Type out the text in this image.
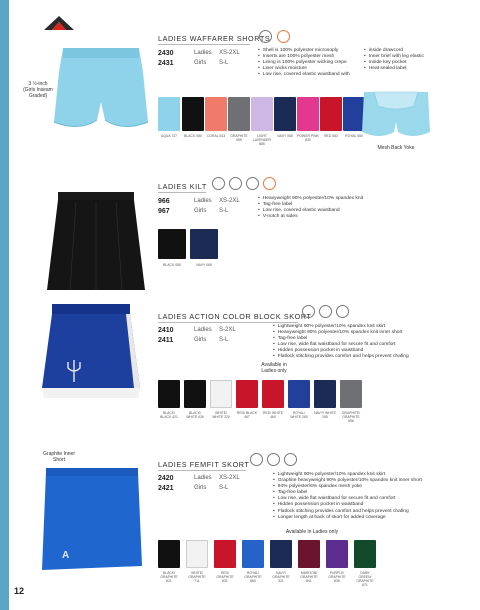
LADIES WAFFARER SHORTS
2430	Ladies XS-2XL
2431	Girls S-L
• Shell is 100% polyester microsoply
• Inserts are 100% polyester mesh
• Lining is 100% polyester wicking crepe
• Liner wicks moisture
• Low rise, covered elastic waistband with
• inside drawcord
• Inner brief with leg elastic
• Inside key pocket
• Heat sealed label
3 ½-inch (Girls Inseam Graded)
AQUA 737	BLACK 080	CORAL 043	GRAPHITE 059
LIGHT LAVENDER 885
NAVY 065	POWER PINK 830
RED 083	ROYAL 060
Mesh Back Yoke
LADIES KILT
966	Ladies XS-2XL
967	Girls S-L
• Heavyweight 90% polyester/10% spandex knit
• Tag-free label
• Low rise, covered elastic waistband
• V-notch at sides
BLACK 080	NAVY 065
LADIES ACTION COLOR BLOCK SKORT
2410	Ladies S-2XL
2411	Girls S-L
• Lightweight 90% polyester/10% spandex knit skirt
• Heavyweight 90% polyester/10% spandex knit inner short
• Tag-free label
• Low rise, wide flat waistband for secure fit and comfort
• Hidden possession pocket in waistband
• Flatlock stitching provides comfort and helps prevent chafing
Available in Ladies only
BLACK/ BLACK 421
BLACK/ WHITE 426
WHITE/ WHITE 220
RED/ BLACK 467
RED/ WHITE 460
ROYAL/ WHITE 280
NAVY/ WHITE 265
GRAPHITE/ GRAPHITE 596
LADIES FEMFIT SKORT
2420	Ladies XS-2XL
2421	Girls S-L
• Lightweight 90% polyester/10% spandex knit skirt
• Graphite heavyweight 90% polyester/10% spandex knit inner short
• 94% polyester/6% spandex mesh yoke
• Tag-free label
• Low rise, wide flat waistband for secure fit and comfort
• Hidden possession pocket in waistband
• Flatlock stitching provides comfort and helps prevent chafing
• Longer length at back of skort for added coverage
Graphite Inner Short
A
Available in Ladies only
BLACK/ GRAPHITE 821
WHITE/ GRAPHITE 711
RED/ GRAPHITE 831
ROYAL/ GRAPHITE 860
NAVY/ GRAPHITE 321
MAROON/ GRAPHITE 841
PURPLE/ GRAPHITE 836
DARK GREEN/ GRAPHITE 871
12
